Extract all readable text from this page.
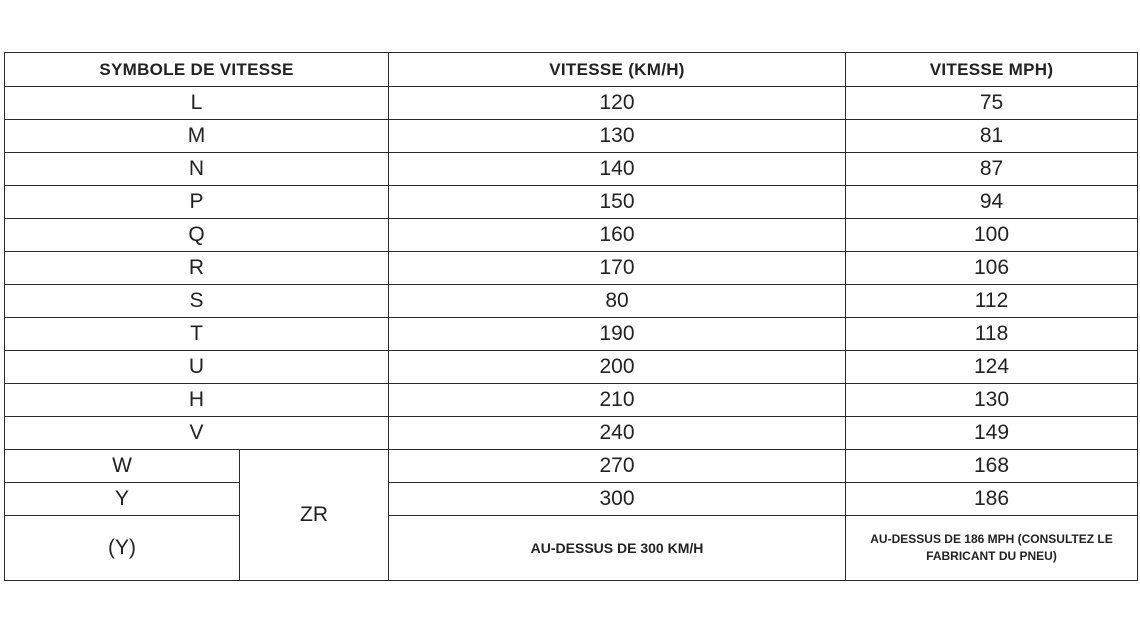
SYMBOLE DE VITESSE		VITESSE (KM/H)	VITESSE MPH)
L		120	75
M		130	81
N		140	87
P		150	94
Q		160	100
R		170	106
S		80	112
T		190	118
U		200	124
H		210	130
V		240	149
W	ZR	270	168
Y		300	186
(Y)		AU-DESSUS DE 300 KM/H	AU-DESSUS DE 186 MPH (CONSULTEZ LE FABRICANT DU PNEU)
